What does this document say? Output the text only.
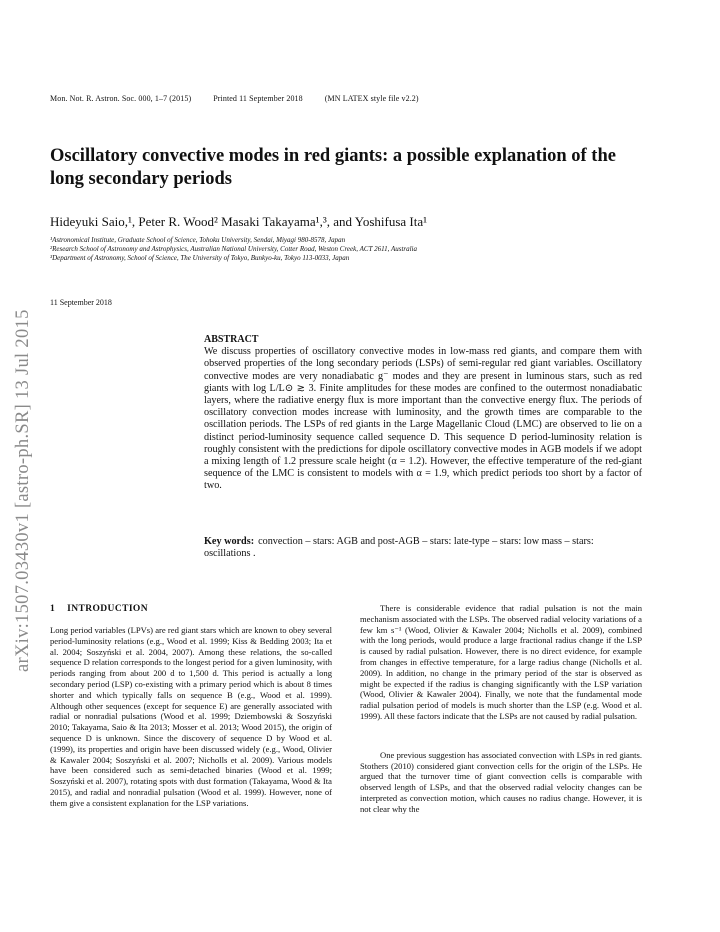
Mon. Not. R. Astron. Soc. 000, 1–7 (2015)	Printed 11 September 2018	(MN LATEX style file v2.2)
Oscillatory convective modes in red giants: a possible explanation of the long secondary periods
Hideyuki Saio,¹, Peter R. Wood² Masaki Takayama¹,³, and Yoshifusa Ita¹
¹Astronomical Institute, Graduate School of Science, Tohoku University, Sendai, Miyagi 980-8578, Japan
²Research School of Astronomy and Astrophysics, Australian National University, Cotter Road, Weston Creek, ACT 2611, Australia
³Department of Astronomy, School of Science, The University of Tokyo, Bunkyo-ku, Tokyo 113-0033, Japan
11 September 2018
ABSTRACT

We discuss properties of oscillatory convective modes in low-mass red giants, and compare them with observed properties of the long secondary periods (LSPs) of semi-regular red giant variables. Oscillatory convective modes are very nonadiabatic g⁻ modes and they are present in luminous stars, such as red giants with log L/L⊙ ≳ 3. Finite amplitudes for these modes are confined to the outermost nonadiabatic layers, where the radiative energy flux is more important than the convective energy flux. The periods of oscillatory convection modes increase with luminosity, and the growth times are comparable to the oscillation periods. The LSPs of red giants in the Large Magellanic Cloud (LMC) are observed to lie on a distinct period-luminosity sequence called sequence D. This sequence D period-luminosity relation is roughly consistent with the predictions for dipole oscillatory convective modes in AGB models if we adopt a mixing length of 1.2 pressure scale height (α = 1.2). However, the effective temperature of the red-giant sequence of the LMC is consistent to models with α = 1.9, which predict periods too short by a factor of two.

Key words: convection – stars: AGB and post-AGB – stars: late-type – stars: low mass – stars: oscillations .
arXiv:1507.03430v1 [astro-ph.SR] 13 Jul 2015 1 INTRODUCTION

Long period variables (LPVs) are red giant stars which are known to obey several period-luminosity relations (e.g., Wood et al. 1999; Kiss & Bedding 2003; Ita et al. 2004; Soszyński et al. 2004, 2007). Among these relations, the so-called sequence D relation corresponds to the longest period for a given luminosity, with periods ranging from about 200 d to 1,500 d. This period is actually a long secondary period (LSP) co-existing with a primary period which is about 8 times shorter and which typically falls on sequence B (e.g., Wood et al. 1999). Although other sequences (except for sequence E) are generally associated with radial or nonradial pulsations (Wood et al. 1999; Dziembowski & Soszyński 2010; Takayama, Saio & Ita 2013; Mosser et al. 2013; Wood 2015), the origin of sequence D is unknown. Since the discovery of sequence D by Wood et al. (1999), its properties and origin have been discussed widely (e.g., Wood, Olivier & Kawaler 2004; Soszyński et al. 2007; Nicholls et al. 2009). Various models have been considered such as semi-detached binaries (Wood et al. 1999; Soszyński et al. 2007), rotating spots with dust formation (Takayama, Wood & Ita 2015), and radial and nonradial pulsation (Wood et al. 1999). However, none of them give a consistent explanation for the LSP variations.

There is considerable evidence that radial pulsation is not the main mechanism associated with the LSPs. The observed radial velocity variations of a few km s⁻¹ (Wood, Olivier & Kawaler 2004; Nicholls et al. 2009), combined with the long periods, would produce a large fractional radius change if the LSP is caused by radial pulsation. However, there is no direct evidence, for example from changes in effective temperature, for a large radius change (Nicholls et al. 2009). In addition, no change in the primary period of the star is observed as might be expected if the radius is changing significantly with the LSP variation (Wood, Olivier & Kawaler 2004). Finally, we note that the fundamental mode radial pulsation period of models is much shorter than the LSP (e.g. Wood et al. 1999). All these factors indicate that the LSPs are not caused by radial pulsation.

One previous suggestion has associated convection with LSPs in red giants. Stothers (2010) considered giant convection cells for the origin of the LSPs. He argued that the turnover time of giant convection cells is comparable with observed length of LSPs, and that the observed radial velocity changes can be interpreted as convection motion, which causes no radius change. However, it is not clear why the
